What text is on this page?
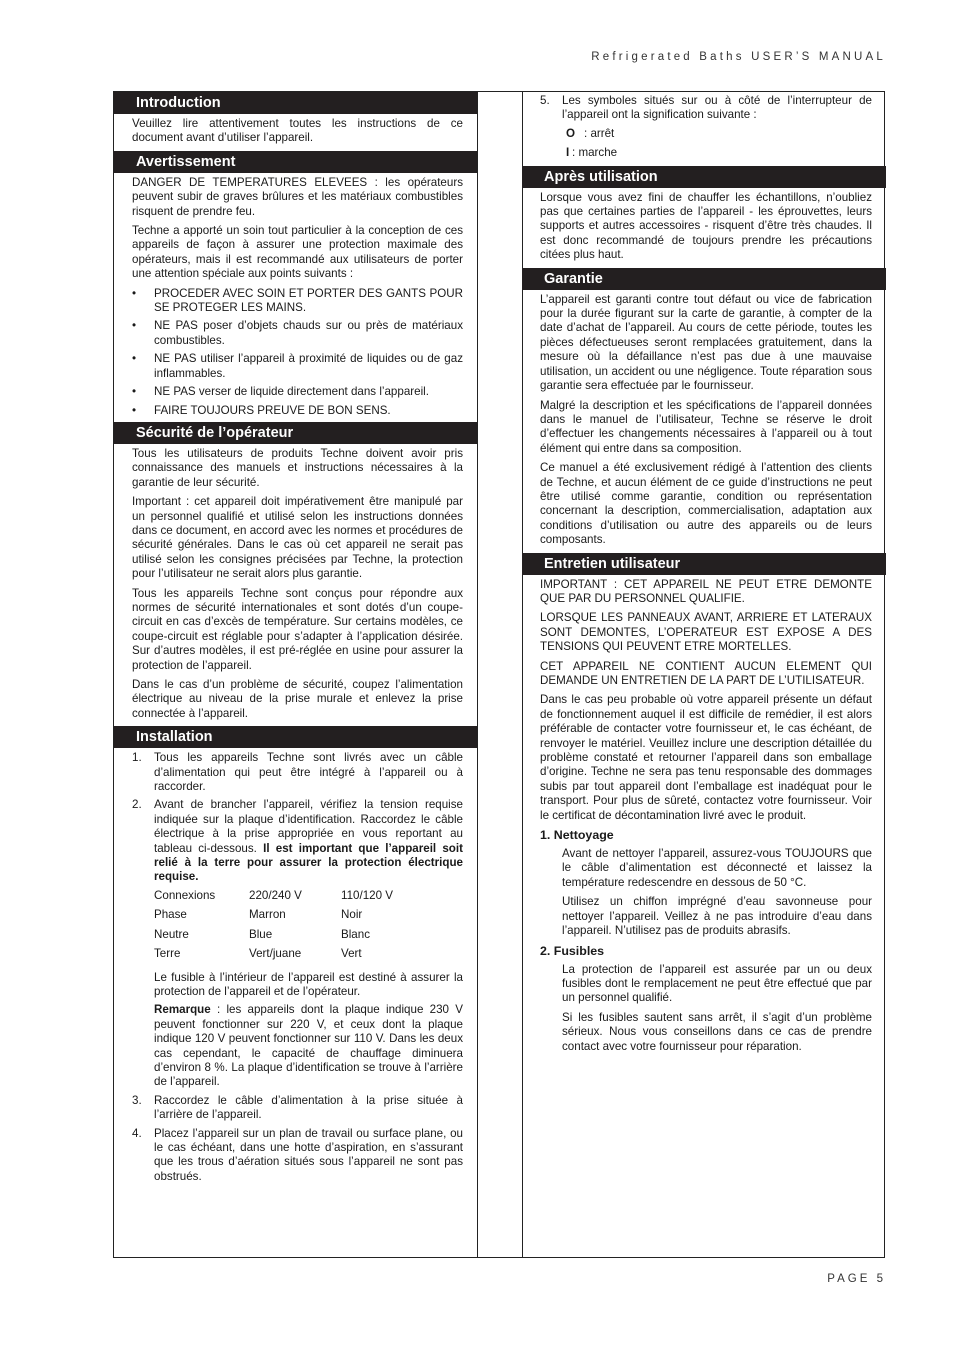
Refrigerated Baths USER’S MANUAL
Introduction

Veuillez lire attentivement toutes les instructions de ce document avant d’utiliser l’appareil.

Avertissement

DANGER DE TEMPERATURES ELEVEES : les opérateurs peuvent subir de graves brûlures et les matériaux combustibles risquent de prendre feu.

Techne a apporté un soin tout particulier à la conception de ces appareils de façon à assurer une protection maximale des opérateurs, mais il est recommandé aux utilisateurs de porter une attention spéciale aux points suivants :

• PROCEDER AVEC SOIN ET PORTER DES GANTS POUR SE PROTEGER LES MAINS.
• NE PAS poser d’objets chauds sur ou près de matériaux combustibles.
• NE PAS utiliser l’appareil à proximité de liquides ou de gaz inflammables.
• NE PAS verser de liquide directement dans l’appareil.
• FAIRE TOUJOURS PREUVE DE BON SENS.
Sécurité de l’opérateur

Tous les utilisateurs de produits Techne doivent avoir pris connaissance des manuels et instructions nécessaires à la garantie de leur sécurité.

Important : cet appareil doit impérativement être manipulé par un personnel qualifié et utilisé selon les instructions données dans ce document, en accord avec les normes et procédures de sécurité générales. Dans le cas où cet appareil ne serait pas utilisé selon les consignes précisées par Techne, la protection pour l’utilisateur ne serait alors plus garantie.

Tous les appareils Techne sont conçus pour répondre aux normes de sécurité internationales et sont dotés d’un coupe-circuit en cas d’excès de température. Sur certains modèles, ce coupe-circuit est réglable pour s’adapter à l’application désirée. Sur d’autres modèles, il est pré-réglée en usine pour assurer la protection de l’appareil.

Dans le cas d’un problème de sécurité, coupez l’alimentation électrique au niveau de la prise murale et enlevez la prise connectée à l’appareil.

Installation
1. Tous les appareils Techne sont livrés avec un câble d’alimentation qui peut être intégré à l’appareil ou à raccorder.
2. Avant de brancher l’appareil, vérifiez la tension requise indiquée sur la plaque d’identification. Raccordez le câble électrique à la prise appropriée en vous reportant au tableau ci-dessous. Il est important que l’appareil soit relié à la terre pour assurer la protection électrique requise.

Connexions	220/240 V	110/120 V
Phase	Marron	Noir
Neutre	Blue	Blanc
Terre	Vert/juane	Vert

Le fusible à l’intérieur de l’appareil est destiné à assurer la protection de l’appareil et de l’opérateur.

Remarque : les appareils dont la plaque indique 230 V peuvent fonctionner sur 220 V, et ceux dont la plaque indique 120 V peuvent fonctionner sur 110 V. Dans les deux cas cependant, le capacité de chauffage diminuera d’environ 8 %. La plaque d’identification se trouve à l’arrière de l’appareil.

3. Raccordez le câble d’alimentation à la prise située à l’arrière de l’appareil.
4. Placez l’appareil sur un plan de travail ou surface plane, ou le cas échéant, dans une hotte d’aspiration, en s’assurant que les trous d’aération situés sous l’appareil ne sont pas obstrués.
5. Les symboles situés sur ou à côté de l’interrupteur de l’appareil ont la signification suivante :
O : arrêt
I : marche
Après utilisation

Lorsque vous avez fini de chauffer les échantillons, n’oubliez pas que certaines parties de l’appareil - les éprouvettes, leurs supports et autres accessoires - risquent d’être très chaudes. Il est donc recommandé de toujours prendre les précautions citées plus haut.

Garantie

L’appareil est garanti contre tout défaut ou vice de fabrication pour la durée figurant sur la carte de garantie, à compter de la date d’achat de l’appareil. Au cours de cette période, toutes les pièces défectueuses seront remplacées gratuitement, dans la mesure où la défaillance n’est pas due à une mauvaise utilisation, un accident ou une négligence. Toute réparation sous garantie sera effectuée par le fournisseur.

Malgré la description et les spécifications de l’appareil données dans le manuel de l’utilisateur, Techne se réserve le droit d’effectuer les changements nécessaires à l’appareil ou à tout élément qui entre dans sa composition.

Ce manuel a été exclusivement rédigé à l’attention des clients de Techne, et aucun élément de ce guide d’instructions ne peut être utilisé comme garantie, condition ou représentation concernant la description, commercialisation, adaptation aux conditions d’utilisation ou autre des appareils ou de leurs composants.

Entretien utilisateur

IMPORTANT : CET APPAREIL NE PEUT ETRE DEMONTE QUE PAR DU PERSONNEL QUALIFIE.

LORSQUE LES PANNEAUX AVANT, ARRIERE ET LATERAUX SONT DEMONTES, L’OPERATEUR EST EXPOSE A DES TENSIONS QUI PEUVENT ETRE MORTELLES.

CET APPAREIL NE CONTIENT AUCUN ELEMENT QUI DEMANDE UN ENTRETIEN DE LA PART DE L’UTILISATEUR.

Dans le cas peu probable où votre appareil présente un défaut de fonctionnement auquel il est difficile de remédier, il est alors préférable de contacter votre fournisseur et, le cas échéant, de renvoyer le matériel. Veuillez inclure une description détaillée du problème constaté et retourner l’appareil dans son emballage d’origine. Techne ne sera pas tenu responsable des dommages subis par tout appareil dont l’emballage est inadéquat pour le transport. Pour plus de sûreté, contactez votre fournisseur. Voir le certificat de décontamination livré avec le produit.

1. Nettoyage

Avant de nettoyer l’appareil, assurez-vous TOUJOURS que le câble d’alimentation est déconnecté et laissez la température redescendre en dessous de 50 °C.

Utilisez un chiffon imprégné d’eau savonneuse pour nettoyer l’appareil. Veillez à ne pas introduire d’eau dans l’appareil. N’utilisez pas de produits abrasifs.

2. Fusibles

La protection de l’appareil est assurée par un ou deux fusibles dont le remplacement ne peut être effectué que par un personnel qualifié.

Si les fusibles sautent sans arrêt, il s’agit d’un problème sérieux. Nous vous conseillons dans ce cas de prendre contact avec votre fournisseur pour réparation.

PAGE 5
